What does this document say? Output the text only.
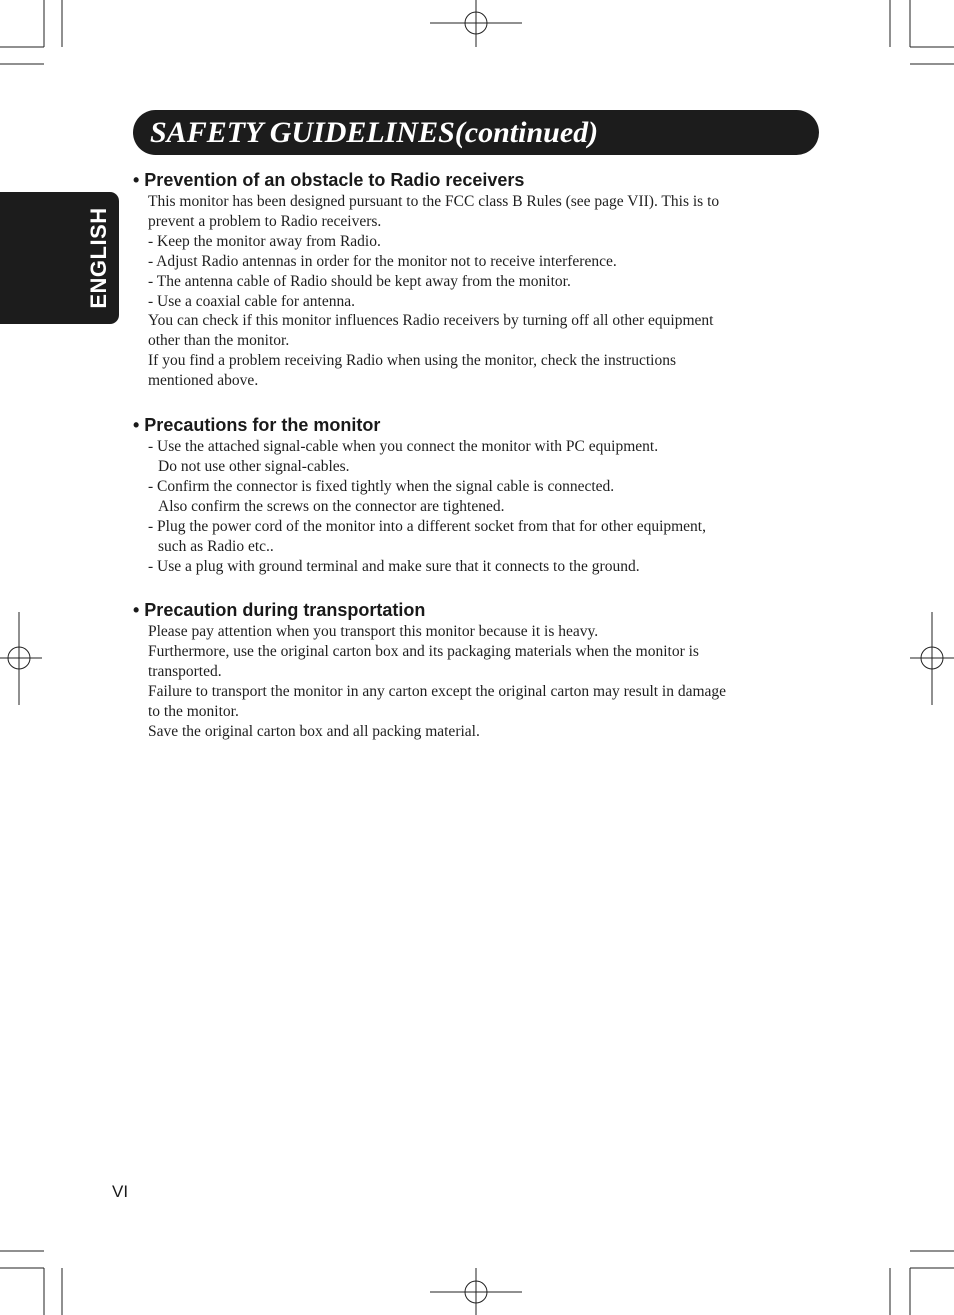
SAFETY GUIDELINES(continued)
ENGLISH
• Prevention of an obstacle to Radio receivers
This monitor has been designed pursuant to the FCC class B Rules (see page VII). This is to
prevent a problem to Radio receivers.
- Keep the monitor away from Radio.
- Adjust Radio antennas in order for the monitor not to receive interference.
- The antenna cable of Radio should be kept away from the monitor.
- Use a coaxial cable for antenna.
You can check if this monitor influences Radio receivers by turning off all other equipment
other than the monitor.
If you find a problem receiving Radio when using the monitor, check the instructions
mentioned above.
• Precautions for the monitor
- Use the attached signal-cable when you connect the monitor with PC equipment.
Do not use other signal-cables.
- Confirm the connector is fixed tightly when the signal cable is connected.
Also confirm the screws on the connector are tightened.
- Plug the power cord of the monitor into a different socket from that for other equipment,
such as Radio etc..
- Use a plug with ground terminal and make sure that it connects to the ground.
• Precaution during transportation
Please pay attention when you transport this monitor because it is heavy.
Furthermore, use the original carton box and its packaging materials when the monitor is
transported.
Failure to transport the monitor in any carton except the original carton may result in damage
to the monitor.
Save the original carton box and all packing material.
VI
